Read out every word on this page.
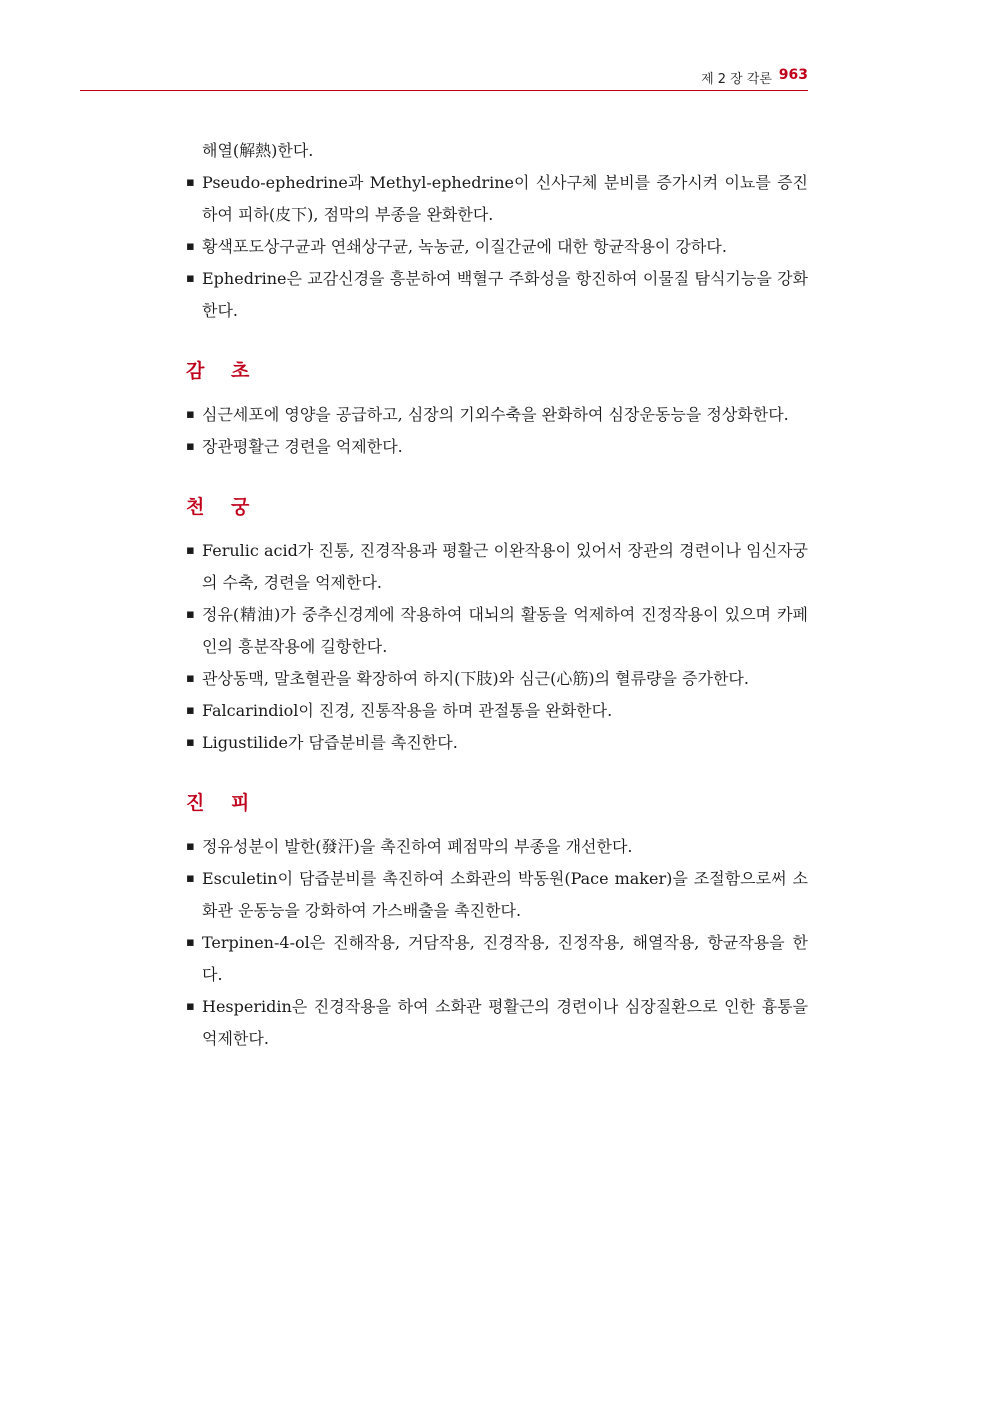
제 2 장 각론 963
해열(解熱)한다.
▪ Pseudo-ephedrine과 Methyl-ephedrine이 신사구체 분비를 증가시켜 이뇨를 증진하여 피하(皮下), 점막의 부종을 완화한다.
▪ 황색포도상구균과 연쇄상구균, 녹농균, 이질간균에 대한 항균작용이 강하다.
▪ Ephedrine은 교감신경을 흥분하여 백혈구 주화성을 항진하여 이물질 탐식기능을 강화한다.
감 초
▪ 심근세포에 영양을 공급하고, 심장의 기외수축을 완화하여 심장운동능을 정상화한다.
▪ 장관평활근 경련을 억제한다.
천 궁
▪ Ferulic acid가 진통, 진경작용과 평활근 이완작용이 있어서 장관의 경련이나 임신자궁의 수축, 경련을 억제한다.
▪ 정유(精油)가 중추신경계에 작용하여 대뇌의 활동을 억제하여 진정작용이 있으며 카페인의 흥분작용에 길항한다.
▪ 관상동맥, 말초혈관을 확장하여 하지(下肢)와 심근(心筋)의 혈류량을 증가한다.
▪ Falcarindiol이 진경, 진통작용을 하며 관절통을 완화한다.
▪ Ligustilide가 담즙분비를 촉진한다.
진 피
▪ 정유성분이 발한(發汗)을 촉진하여 폐점막의 부종을 개선한다.
▪ Esculetin이 담즙분비를 촉진하여 소화관의 박동원(Pace maker)을 조절함으로써 소화관 운동능을 강화하여 가스배출을 촉진한다.
▪ Terpinen-4-ol은 진해작용, 거담작용, 진경작용, 진정작용, 해열작용, 항균작용을 한다.
▪ Hesperidin은 진경작용을 하여 소화관 평활근의 경련이나 심장질환으로 인한 흉통을 억제한다.
